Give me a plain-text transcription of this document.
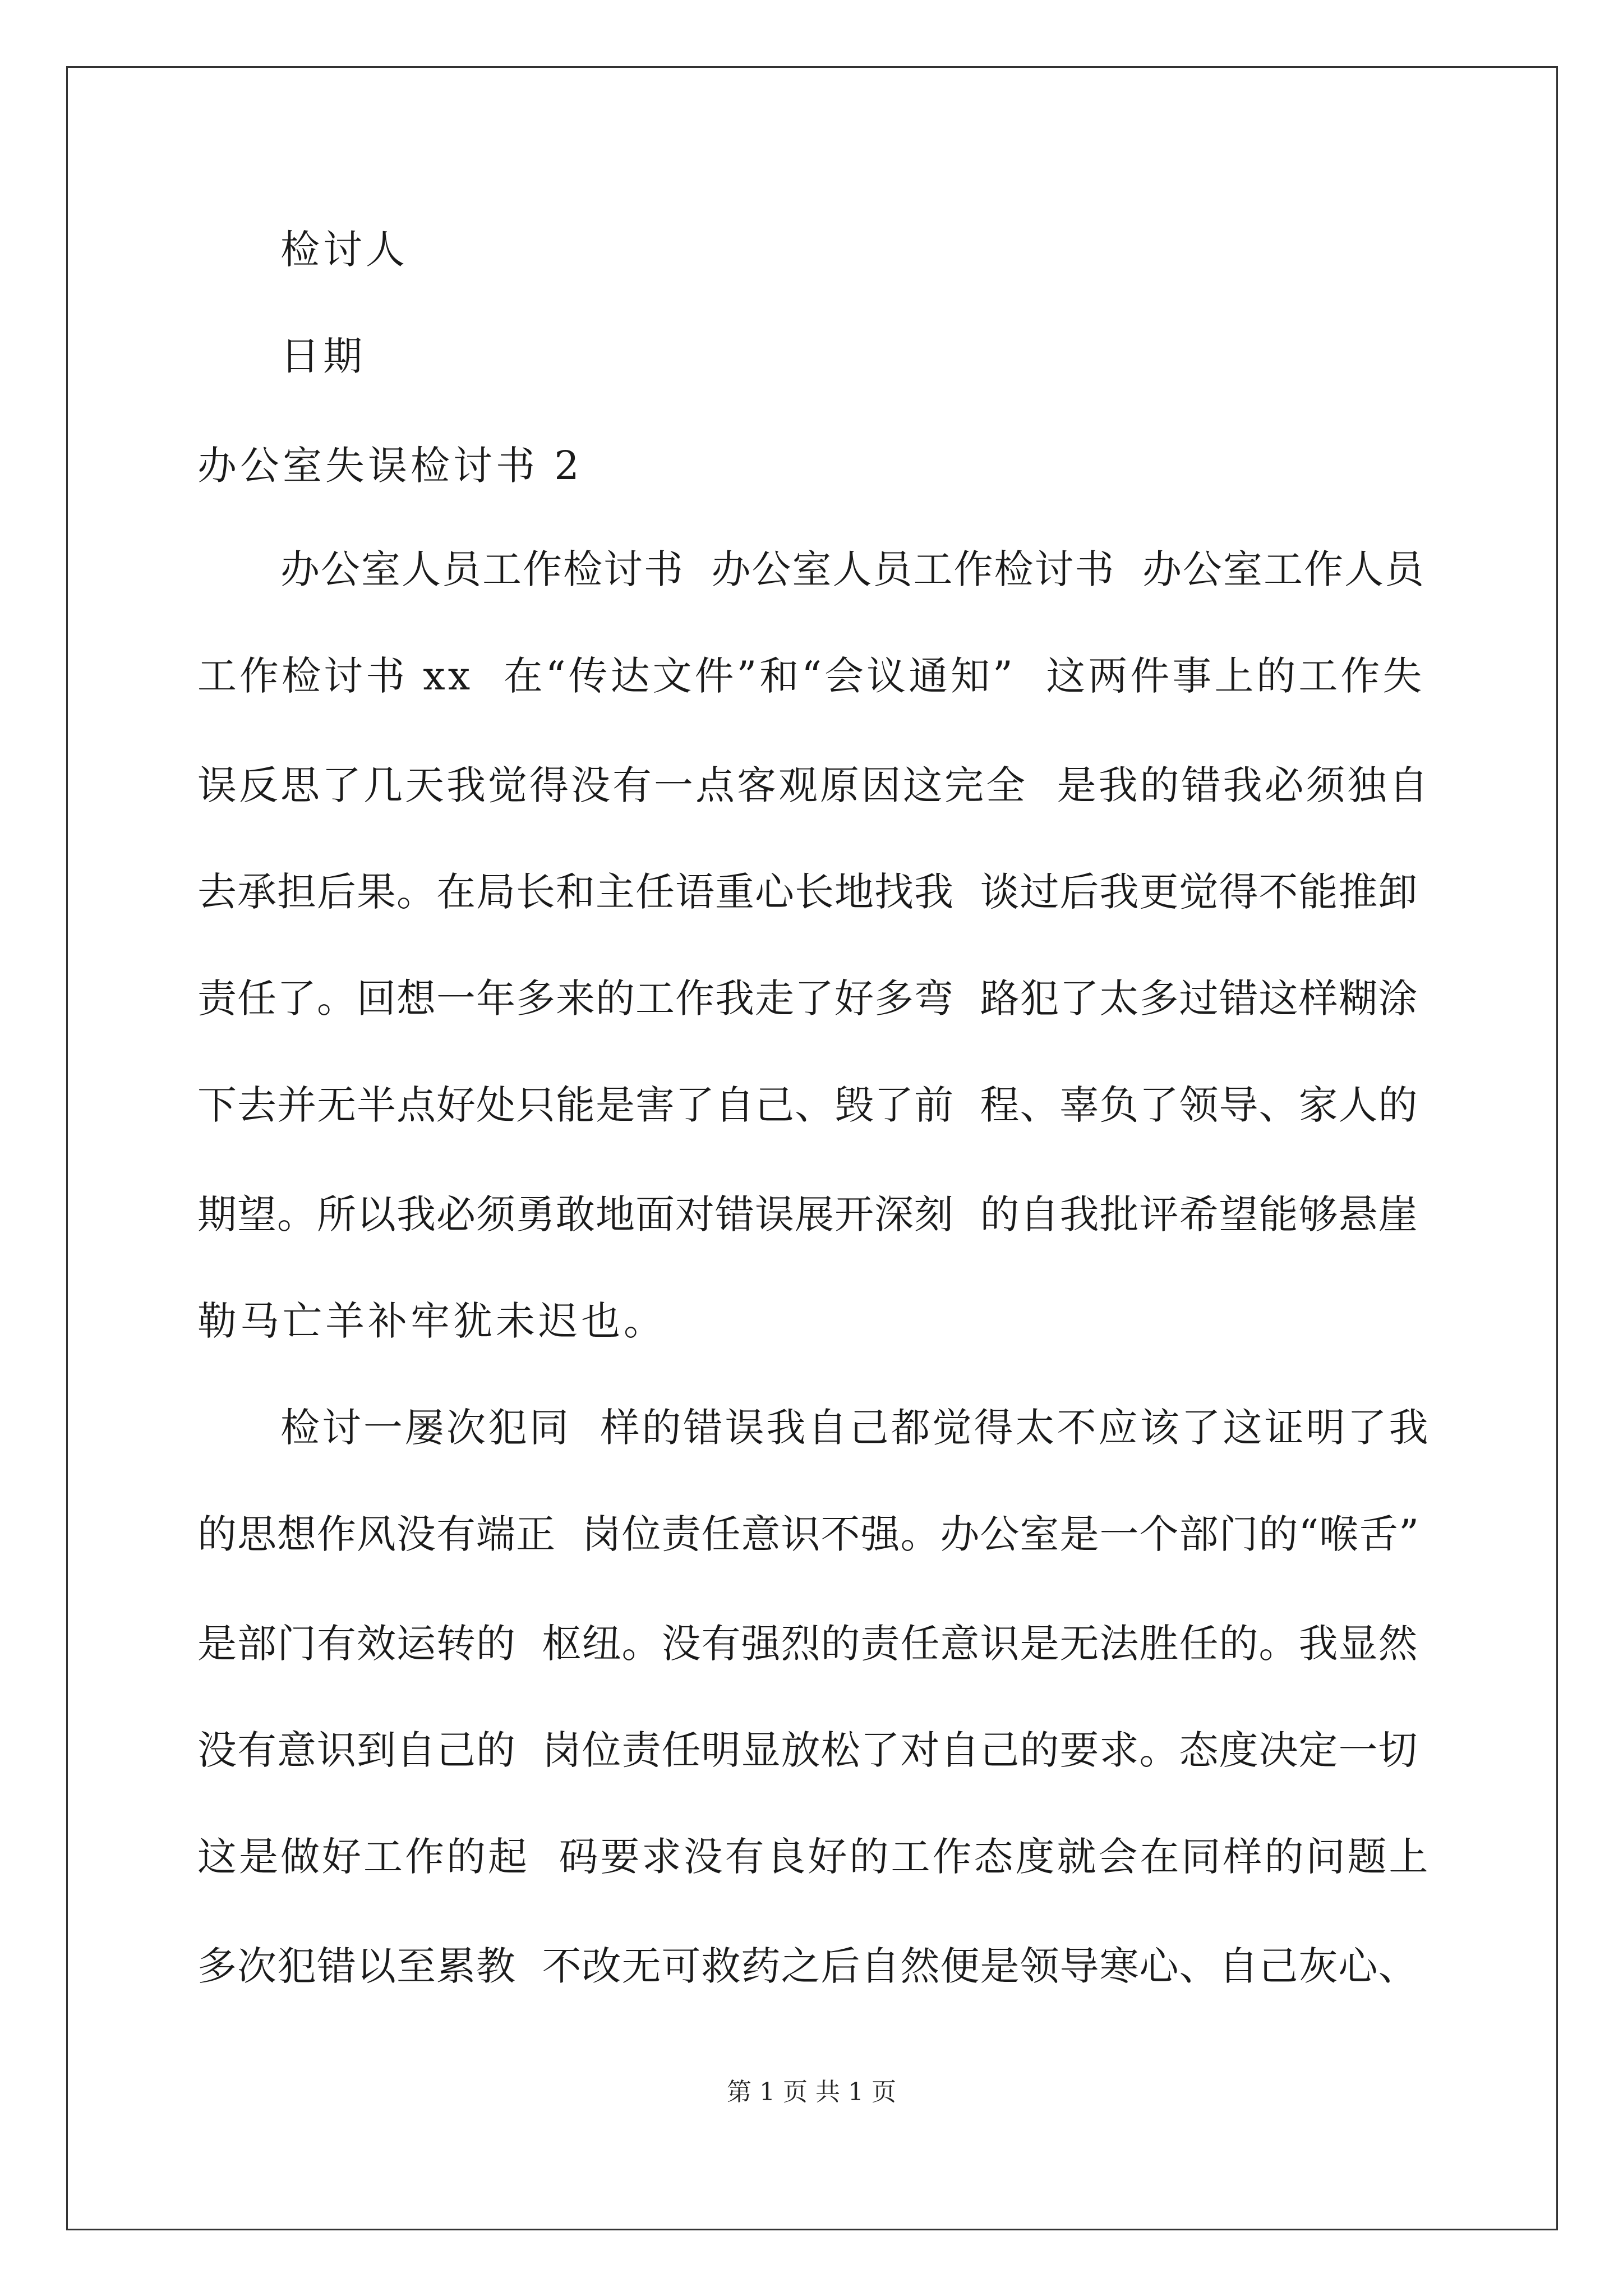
检讨人
日期
办公室失误检讨书 2
办公室人员工作检讨书  办公室人员工作检讨书  办公室工作人员
工作检讨书 xx  在“传达文件”和“会议通知”  这两件事上的工作失
误反思了几天我觉得没有一点客观原因这完全  是我的错我必须独自
去承担后果。在局长和主任语重心长地找我  谈过后我更觉得不能推卸
责任了。回想一年多来的工作我走了好多弯  路犯了太多过错这样糊涂
下去并无半点好处只能是害了自己、毁了前  程、辜负了领导、家人的
期望。所以我必须勇敢地面对错误展开深刻  的自我批评希望能够悬崖
勒马亡羊补牢犹未迟也。
检讨一屡次犯同  样的错误我自己都觉得太不应该了这证明了我
的思想作风没有端正  岗位责任意识不强。办公室是一个部门的“喉舌”
是部门有效运转的  枢纽。没有强烈的责任意识是无法胜任的。我显然
没有意识到自己的  岗位责任明显放松了对自己的要求。态度决定一切
这是做好工作的起  码要求没有良好的工作态度就会在同样的问题上
多次犯错以至累教  不改无可救药之后自然便是领导寒心、自己灰心、
第 1 页 共 1 页
